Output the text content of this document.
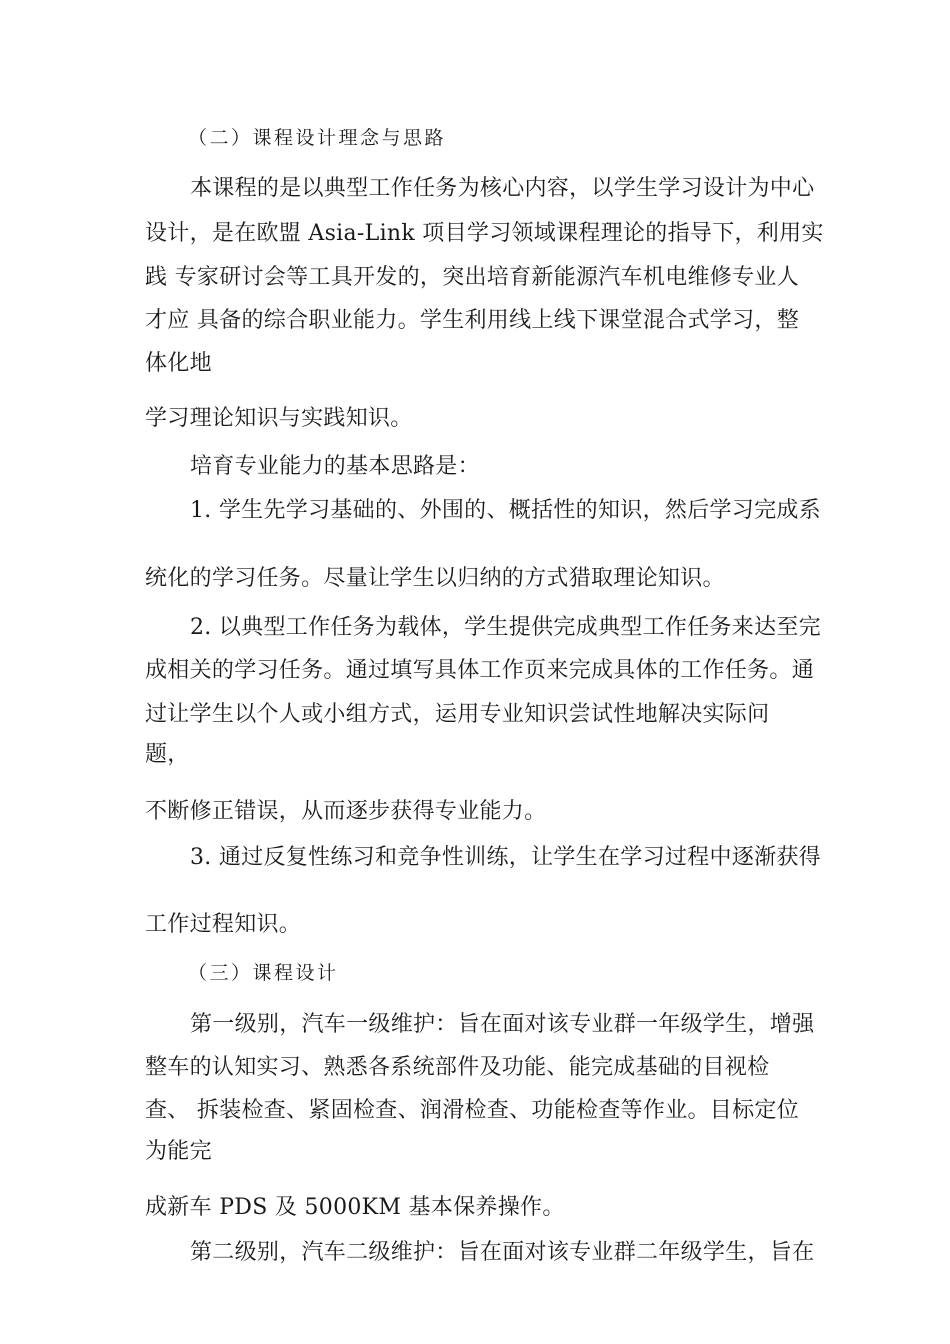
（二）课程设计理念与思路
本课程的是以典型工作任务为核心内容，以学生学习设计为中心
设计，是在欧盟 Asia-Link 项目学习领域课程理论的指导下，利用实
践 专家研讨会等工具开发的，突出培育新能源汽车机电维修专业人
才应 具备的综合职业能力。学生利用线上线下课堂混合式学习，整
体化地
学习理论知识与实践知识。
培育专业能力的基本思路是：
1. 学生先学习基础的、外围的、概括性的知识，然后学习完成系
统化的学习任务。尽量让学生以归纳的方式猎取理论知识。
2. 以典型工作任务为载体，学生提供完成典型工作任务来达至完
成相关的学习任务。通过填写具体工作页来完成具体的工作任务。通
过让学生以个人或小组方式，运用专业知识尝试性地解决实际问
题，
不断修正错误，从而逐步获得专业能力。
3. 通过反复性练习和竞争性训练，让学生在学习过程中逐渐获得
工作过程知识。
（三）课程设计
第一级别，汽车一级维护：旨在面对该专业群一年级学生，增强
整车的认知实习、熟悉各系统部件及功能、能完成基础的目视检
查、 拆装检查、紧固检查、润滑检查、功能检查等作业。目标定位
为能完
成新车 PDS 及 5000KM 基本保养操作。
第二级别，汽车二级维护：旨在面对该专业群二年级学生，旨在
